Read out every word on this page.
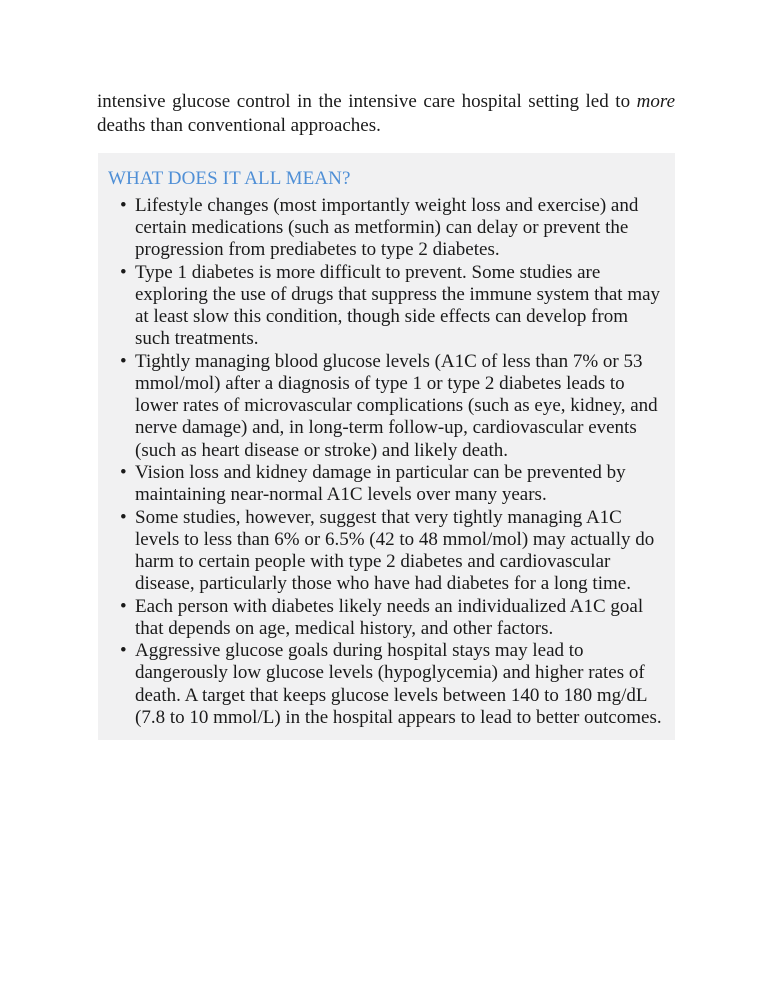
intensive glucose control in the intensive care hospital setting led to more deaths than conventional approaches.

WHAT DOES IT ALL MEAN?
• Lifestyle changes (most importantly weight loss and exercise) and certain medications (such as metformin) can delay or prevent the progression from prediabetes to type 2 diabetes.
• Type 1 diabetes is more difficult to prevent. Some studies are exploring the use of drugs that suppress the immune system that may at least slow this condition, though side effects can develop from such treatments.
• Tightly managing blood glucose levels (A1C of less than 7% or 53 mmol/mol) after a diagnosis of type 1 or type 2 diabetes leads to lower rates of microvascular complications (such as eye, kidney, and nerve damage) and, in long-term follow-up, cardiovascular events (such as heart disease or stroke) and likely death.
• Vision loss and kidney damage in particular can be prevented by maintaining near-normal A1C levels over many years.
• Some studies, however, suggest that very tightly managing A1C levels to less than 6% or 6.5% (42 to 48 mmol/mol) may actually do harm to certain people with type 2 diabetes and cardiovascular disease, particularly those who have had diabetes for a long time.
• Each person with diabetes likely needs an individualized A1C goal that depends on age, medical history, and other factors.
• Aggressive glucose goals during hospital stays may lead to dangerously low glucose levels (hypoglycemia) and higher rates of death. A target that keeps glucose levels between 140 to 180 mg/dL (7.8 to 10 mmol/L) in the hospital appears to lead to better outcomes.
